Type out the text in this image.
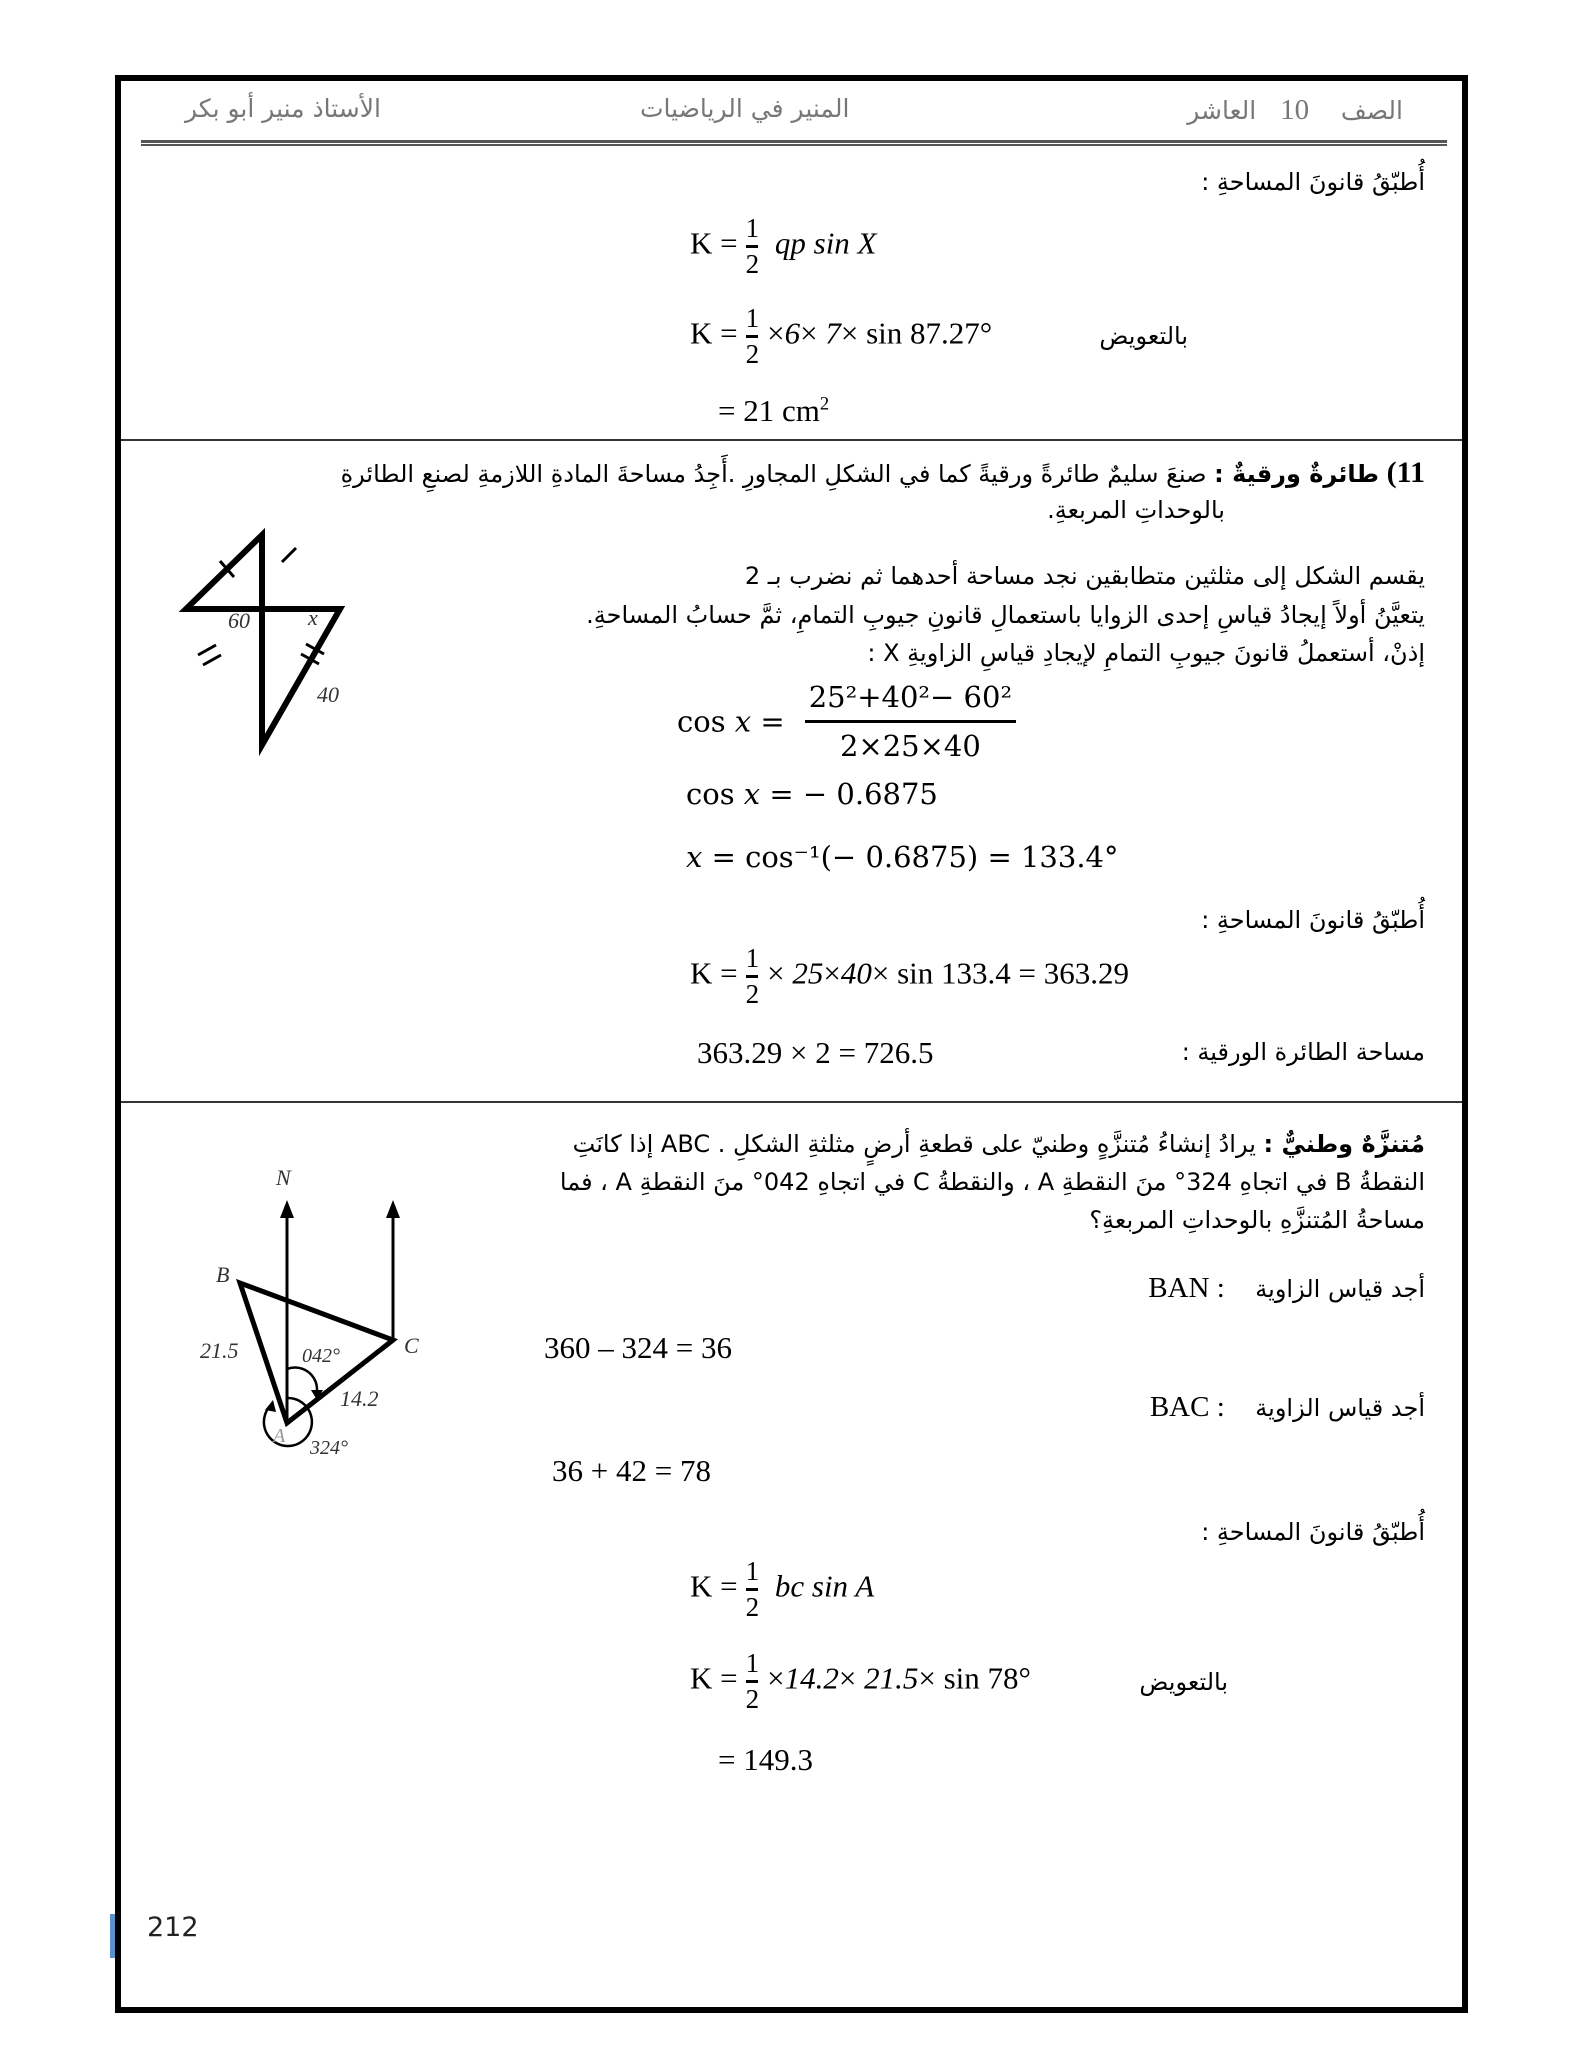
الصف    10   العاشر
المنير في الرياضيات
الأستاذ منير أبو بكر
أُطبّقُ قانونَ المساحةِ :
$K = \frac{1}{2}$ qp sin X
$K = \frac{1}{2} \times 6\times 7\times \sin 87.27^\circ$	بالتعويض
= 21 $cm^2$
11) طائرةٌ ورقيةٌ : صنعَ سليمٌ طائرةً ورقيةً كما في الشكلِ المجاورِ .أَجِدُ مساحةَ المادةِ اللازمةِ لصنعِ الطائرةِ
بالوحداتِ المربعةِ.
60	x
40
يقسم الشكل إلى مثلثين متطابقين نجد مساحة أحدهما ثم نضرب بـ 2
يتعيَّنُ أولاً إيجادُ قياسِ إحدى الزوايا باستعمالِ قانونِ جيوبِ التمامِ، ثمَّ حسابُ المساحةِ.
إذنْ، أستعملُ قانونَ جيوبِ التمامِ لإيجادِ قياسِ الزاويةِ X :
cos 𝑥 = $\frac{\text{25²+40²− 60²}}{2\times 25\times 40}$
cos 𝑥 = − 0.6875
x = cos⁻¹(− 0.6875) = 133.4°
أُطبّقُ قانونَ المساحةِ :
$K = \frac{1}{2} \times 25\times 40\times \sin 133.4 = 363.29$
363.29 × 2 = 726.5	مساحة الطائرة الورقية :
مُتنزَّهٌ وطنيٌّ : يرادُ إنشاءُ مُتنزَّهٍ وطنيّ على قطعةِ أرضٍ مثلثةِ الشكلِ . ABC إذا كانَتِ
النقطةُ B في اتجاهِ 324° منَ النقطةِ A ، والنقطةُ C في اتجاهِ 042° منَ النقطةِ A ، فما
مساحةُ المُتنزَّهِ بالوحداتِ المربعةِ؟
N
B
C
A
21.5
14.2
042°
324°
أجد قياس الزاوية    : BAN
360 – 324 = 36
أجد قياس الزاوية    : BAC
36 + 42 = 78
أُطبّقُ قانونَ المساحةِ :
$K = \frac{1}{2}$ bc sin A
$K = \frac{1}{2} \times 14.2\times 21.5\times \sin 78^\circ$	بالتعويض
= 149.3
212
